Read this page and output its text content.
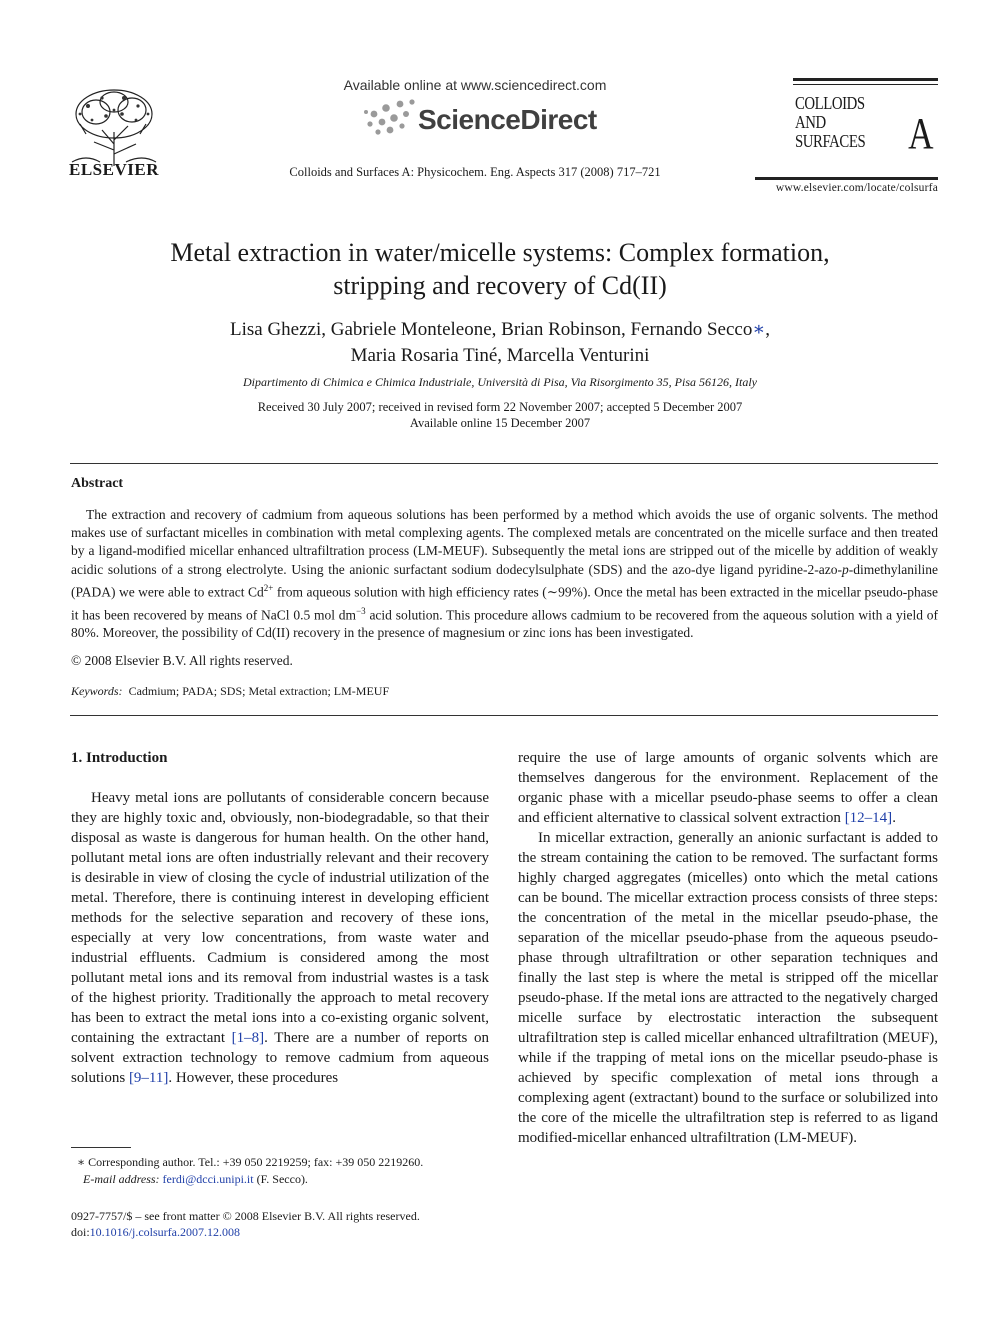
ELSEVIER
Available online at www.sciencedirect.com
ScienceDirect
Colloids and Surfaces A: Physicochem. Eng. Aspects 317 (2008) 717–721
COLLOIDS
AND
SURFACES A
www.elsevier.com/locate/colsurfa
Metal extraction in water/micelle systems: Complex formation,
stripping and recovery of Cd(II)
Lisa Ghezzi, Gabriele Monteleone, Brian Robinson, Fernando Secco∗,
Maria Rosaria Tiné, Marcella Venturini
Dipartimento di Chimica e Chimica Industriale, Università di Pisa, Via Risorgimento 35, Pisa 56126, Italy
Received 30 July 2007; received in revised form 22 November 2007; accepted 5 December 2007
Available online 15 December 2007
Abstract

The extraction and recovery of cadmium from aqueous solutions has been performed by a method which avoids the use of organic solvents. The method makes use of surfactant micelles in combination with metal complexing agents. The complexed metals are concentrated on the micelle surface and then treated by a ligand-modified micellar enhanced ultrafiltration process (LM-MEUF). Subsequently the metal ions are stripped out of the micelle by addition of weakly acidic solutions of a strong electrolyte. Using the anionic surfactant sodium dodecylsulphate (SDS) and the azo-dye ligand pyridine-2-azo-p-dimethylaniline (PADA) we were able to extract $Cd^{2+}$ from aqueous solution with high efficiency rates (∼99%). Once the metal has been extracted in the micellar pseudo-phase it has been recovered by means of NaCl 0.5 mol $dm^{-3}$ acid solution. This procedure allows cadmium to be recovered from the aqueous solution with a yield of 80%. Moreover, the possibility of Cd(II) recovery in the presence of magnesium or zinc ions has been investigated.

© 2008 Elsevier B.V. All rights reserved.
Keywords: Cadmium; PADA; SDS; Metal extraction; LM-MEUF

1. Introduction

Heavy metal ions are pollutants of considerable concern because they are highly toxic and, obviously, non-biodegradable, so that their disposal as waste is dangerous for human health. On the other hand, pollutant metal ions are often industrially relevant and their recovery is desirable in view of closing the cycle of industrial utilization of the metal. Therefore, there is continuing interest in developing efficient methods for the selective separation and recovery of these ions, especially at very low concentrations, from waste water and industrial effluents. Cadmium is considered among the most pollutant metal ions and its removal from industrial wastes is a task of the highest priority. Traditionally the approach to metal recovery has been to extract the metal ions into a co-existing organic solvent, containing the extractant [1–8]. There are a number of reports on solvent extraction technology to remove cadmium from aqueous solutions [9–11]. However, these procedures

require the use of large amounts of organic solvents which are themselves dangerous for the environment. Replacement of the organic phase with a micellar pseudo-phase seems to offer a clean and efficient alternative to classical solvent extraction [12–14].

In micellar extraction, generally an anionic surfactant is added to the stream containing the cation to be removed. The surfactant forms highly charged aggregates (micelles) onto which the metal cations can be bound. The micellar extraction process consists of three steps: the concentration of the metal in the micellar pseudo-phase, the separation of the micellar pseudo-phase from the aqueous pseudo-phase through ultrafiltration or other separation techniques and finally the last step is where the metal is stripped off the micellar pseudo-phase. If the metal ions are attracted to the negatively charged micelle surface by electrostatic interaction the subsequent ultrafiltration step is called micellar enhanced ultrafiltration (MEUF), while if the trapping of metal ions on the micellar pseudo-phase is achieved by specific complexation of metal ions through a complexing agent (extractant) bound to the surface or solubilized into the core of the micelle the ultrafiltration step is referred to as ligand modified-micellar enhanced ultrafiltration (LM-MEUF).

∗ Corresponding author. Tel.: +39 050 2219259; fax: +39 050 2219260.
E-mail address: ferdi@dcci.unipi.it (F. Secco).
0927-7757/$ – see front matter © 2008 Elsevier B.V. All rights reserved.
doi:10.1016/j.colsurfa.2007.12.008
